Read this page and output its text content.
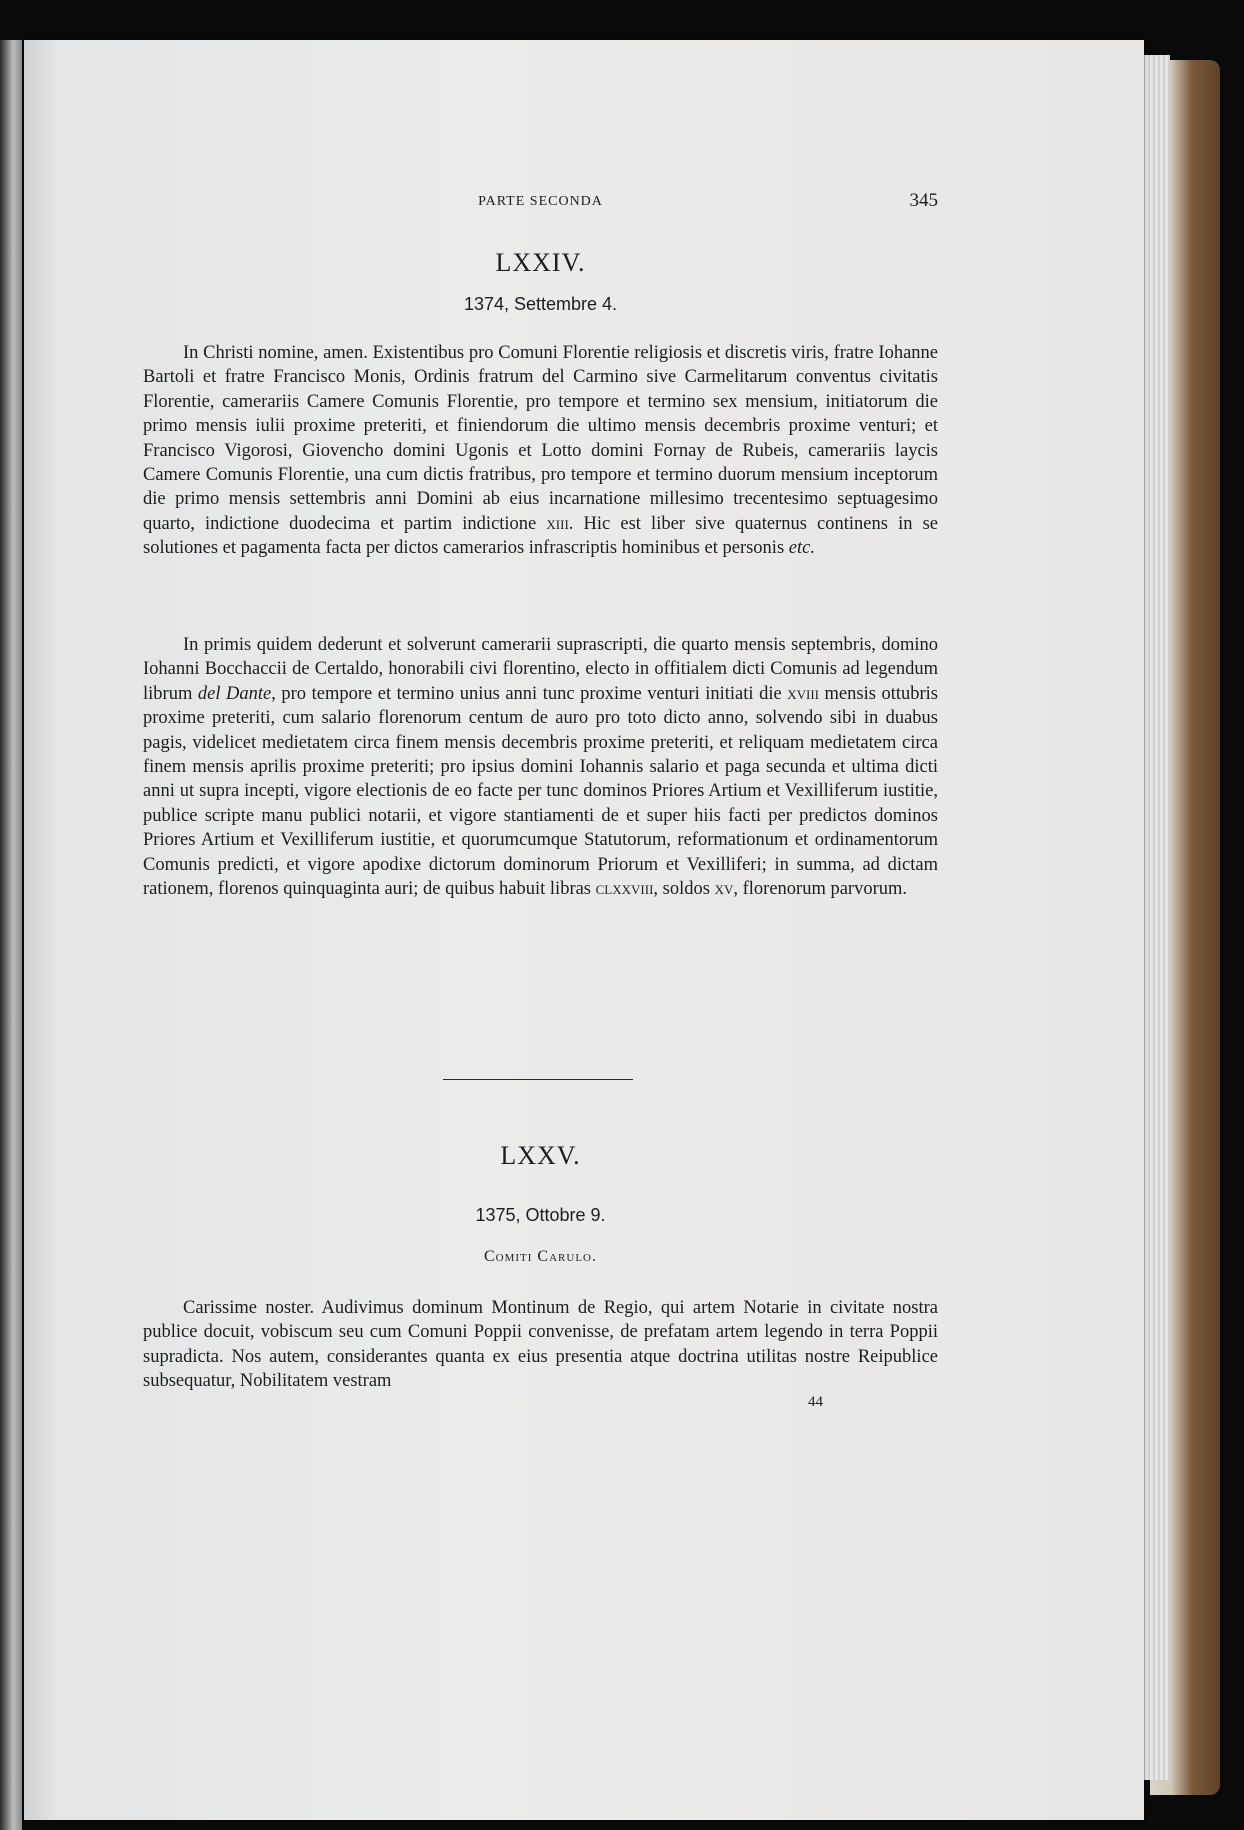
PARTE SECONDA	345
LXXIV.
1374, Settembre 4.

In Christi nomine, amen. Existentibus pro Comuni Florentie religiosis et discretis viris, fratre Iohanne Bartoli et fratre Francisco Monis, Ordinis fratrum del Carmino sive Carmelitarum conventus civitatis Florentie, camerariis Camere Comunis Florentie, pro tempore et termino sex mensium, initiatorum die primo mensis iulii proxime preteriti, et finiendorum die ultimo mensis decembris proxime venturi; et Francisco Vigorosi, Giovencho domini Ugonis et Lotto domini Fornay de Rubeis, camerariis laycis Camere Comunis Florentie, una cum dictis fratribus, pro tempore et termino duorum mensium inceptorum die primo mensis settembris anni Domini ab eius incarnatione millesimo trecentesimo septuagesimo quarto, indictione duodecima et partim indictione xiii. Hic est liber sive quaternus continens in se solutiones et pagamenta facta per dictos camerarios infrascriptis hominibus et personis etc.

In primis quidem dederunt et solverunt camerarii suprascripti, die quarto mensis septembris, domino Iohanni Bocchaccii de Certaldo, honorabili civi florentino, electo in offitialem dicti Comunis ad legendum librum del Dante, pro tempore et termino unius anni tunc proxime venturi initiati die xviii mensis ottubris proxime preteriti, cum salario florenorum centum de auro pro toto dicto anno, solvendo sibi in duabus pagis, videlicet medietatem circa finem mensis decembris proxime preteriti, et reliquam medietatem circa finem mensis aprilis proxime preteriti; pro ipsius domini Iohannis salario et paga secunda et ultima dicti anni ut supra incepti, vigore electionis de eo facte per tunc dominos Priores Artium et Vexilliferum iustitie, publice scripte manu publici notarii, et vigore stantiamenti de et super hiis facti per predictos dominos Priores Artium et Vexilliferum iustitie, et quorumcumque Statutorum, reformationum et ordinamentorum Comunis predicti, et vigore apodixe dictorum dominorum Priorum et Vexilliferi; in summa, ad dictam rationem, florenos quinquaginta auri; de quibus habuit libras clxxviii, soldos xv, florenorum parvorum.

LXXV.
1375, Ottobre 9.
Comiti Carulo.

Carissime noster. Audivimus dominum Montinum de Regio, qui artem Notarie in civitate nostra publice docuit, vobiscum seu cum Comuni Poppii convenisse, de prefatam artem legendo in terra Poppii supradicta. Nos autem, considerantes quanta ex eius presentia atque doctrina utilitas nostre Reipublice subsequatur, Nobilitatem vestram

44
